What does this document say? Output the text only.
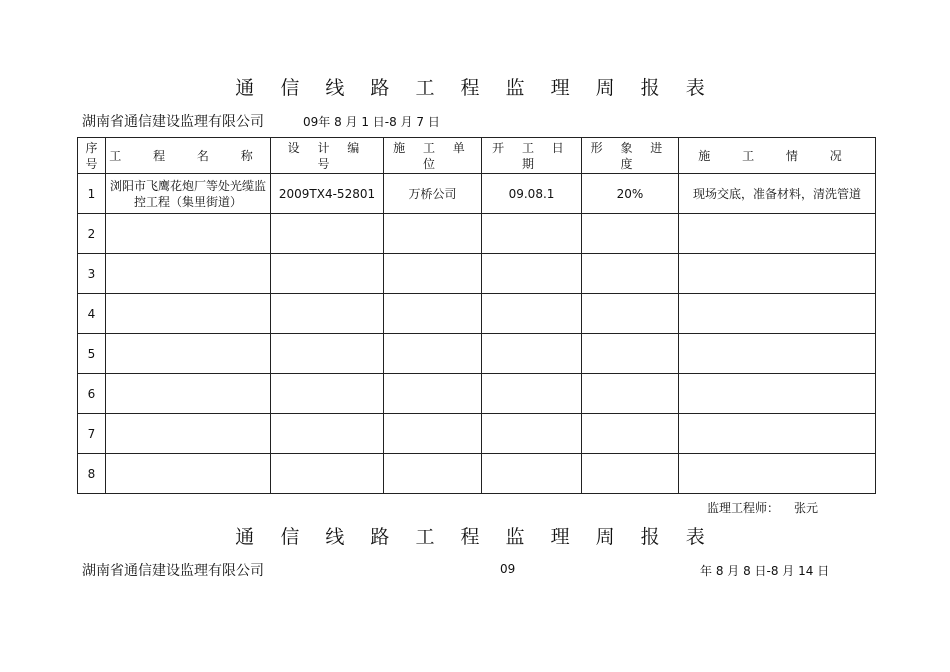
通 信 线 路 工 程 监 理 周 报 表
湖南省通信建设监理有限公司	09年 8 月 1 日-8 月 7 日
序号	工 程 名 称	设 计 编 号	施 工 单 位	开 工 日 期	形 象 进 度	施 工 情 况
1	浏阳市飞鹰花炮厂等处光缆监控工程（集里街道）	2009TX4-52801	万桥公司	09.08.1	20%	现场交底，准备材料，清洗管道
2						
3						
4						
5						
6						
7						
8						
监理工程师： 张元
通 信 线 路 工 程 监 理 周 报 表
湖南省通信建设监理有限公司	09	年 8 月 8 日-8 月 14 日
